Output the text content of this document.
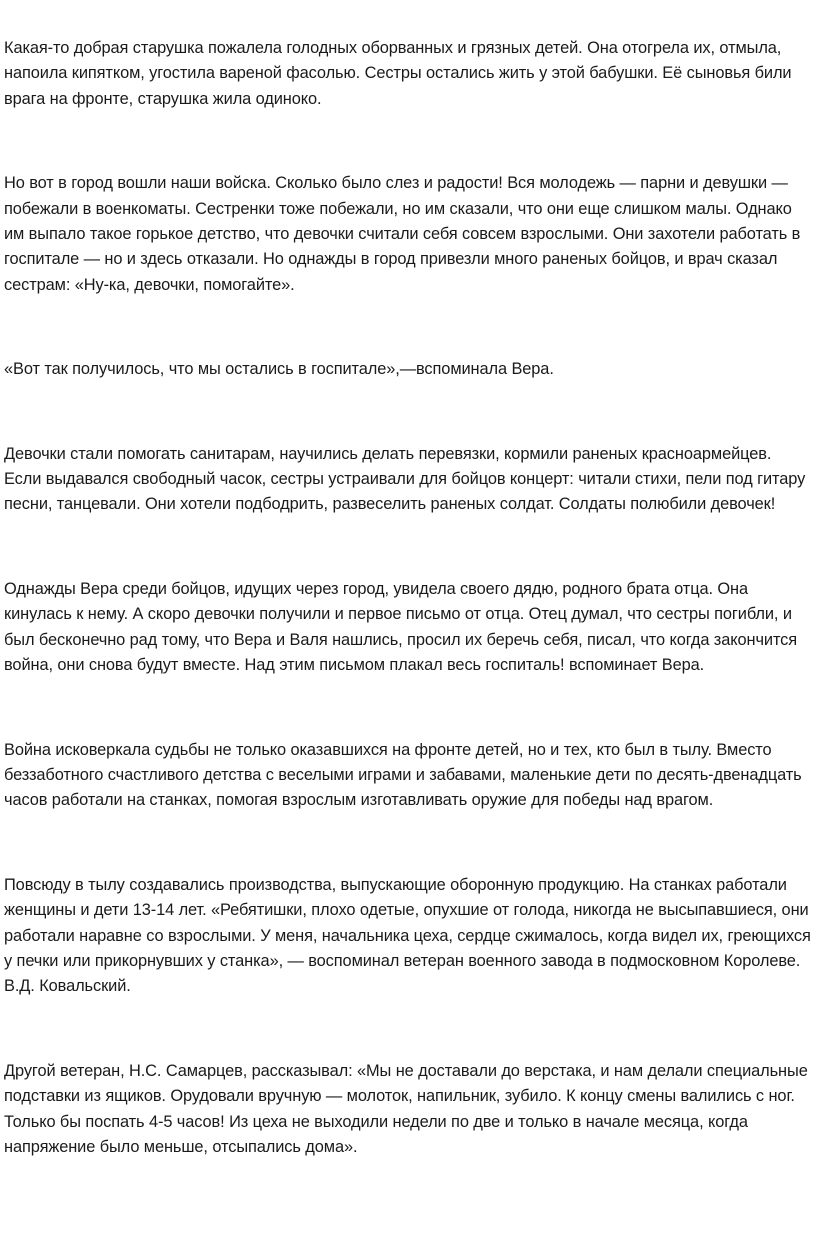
Какая-то добрая старушка пожалела голодных оборванных и грязных детей. Она отогрела их, отмыла, напоила кипятком, угостила вареной фасолью. Сестры остались жить у этой бабушки. Её сыновья били врага на фронте, старушка жила одиноко.

Но вот в город вошли наши войска. Сколько было слез и радости! Вся молодежь — парни и девушки — побежали в военкоматы. Сестренки тоже побежали, но им сказали, что они еще слишком малы. Однако им выпало такое горькое детство, что девочки считали себя совсем взрослыми. Они захотели работать в госпитале — но и здесь отказали. Но однажды в город привезли много раненых бойцов, и врач сказал сестрам: «Ну-ка, девочки, помогайте».

«Вот так получилось, что мы остались в госпитале»,—вспоминала Вера.

Девочки стали помогать санитарам, научились делать перевязки, кормили раненых красноармейцев. Если выдавался свободный часок, сестры устраивали для бойцов концерт: читали стихи, пели под гитару песни, танцевали. Они хотели подбодрить, развеселить раненых солдат. Солдаты полюбили девочек!

Однажды Вера среди бойцов, идущих через город, увидела своего дядю, родного брата отца. Она кинулась к нему. А скоро девочки получили и первое письмо от отца. Отец думал, что сестры погибли, и был бесконечно рад тому, что Вера и Валя нашлись, просил их беречь себя, писал, что когда закончится война, они снова будут вместе. Над этим письмом плакал весь госпиталь! вспоминает Вера.

Война исковеркала судьбы не только оказавшихся на фронте детей, но и тех, кто был в тылу. Вместо беззаботного счастливого детства с веселыми играми и забавами, маленькие дети по десять-двенадцать часов работали на станках, помогая взрослым изготавливать оружие для победы над врагом.

Повсюду в тылу создавались производства, выпускающие оборонную продукцию. На станках работали женщины и дети 13-14 лет. «Ребятишки, плохо одетые, опухшие от голода, никогда не высыпавшиеся, они работали наравне со взрослыми. У меня, начальника цеха, сердце сжималось, когда видел их, греющихся у печки или прикорнувших у станка», — воспоминал ветеран военного завода в подмосковном Королеве. В.Д. Ковальский.

Другой ветеран, Н.С. Самарцев, рассказывал: «Мы не доставали до верстака, и нам делали специальные подставки из ящиков. Орудовали вручную — молоток, напильник, зубило. К концу смены валились с ног. Только бы поспать 4-5 часов! Из цеха не выходили недели по две и только в начале месяца, когда напряжение было меньше, отсыпались дома».
